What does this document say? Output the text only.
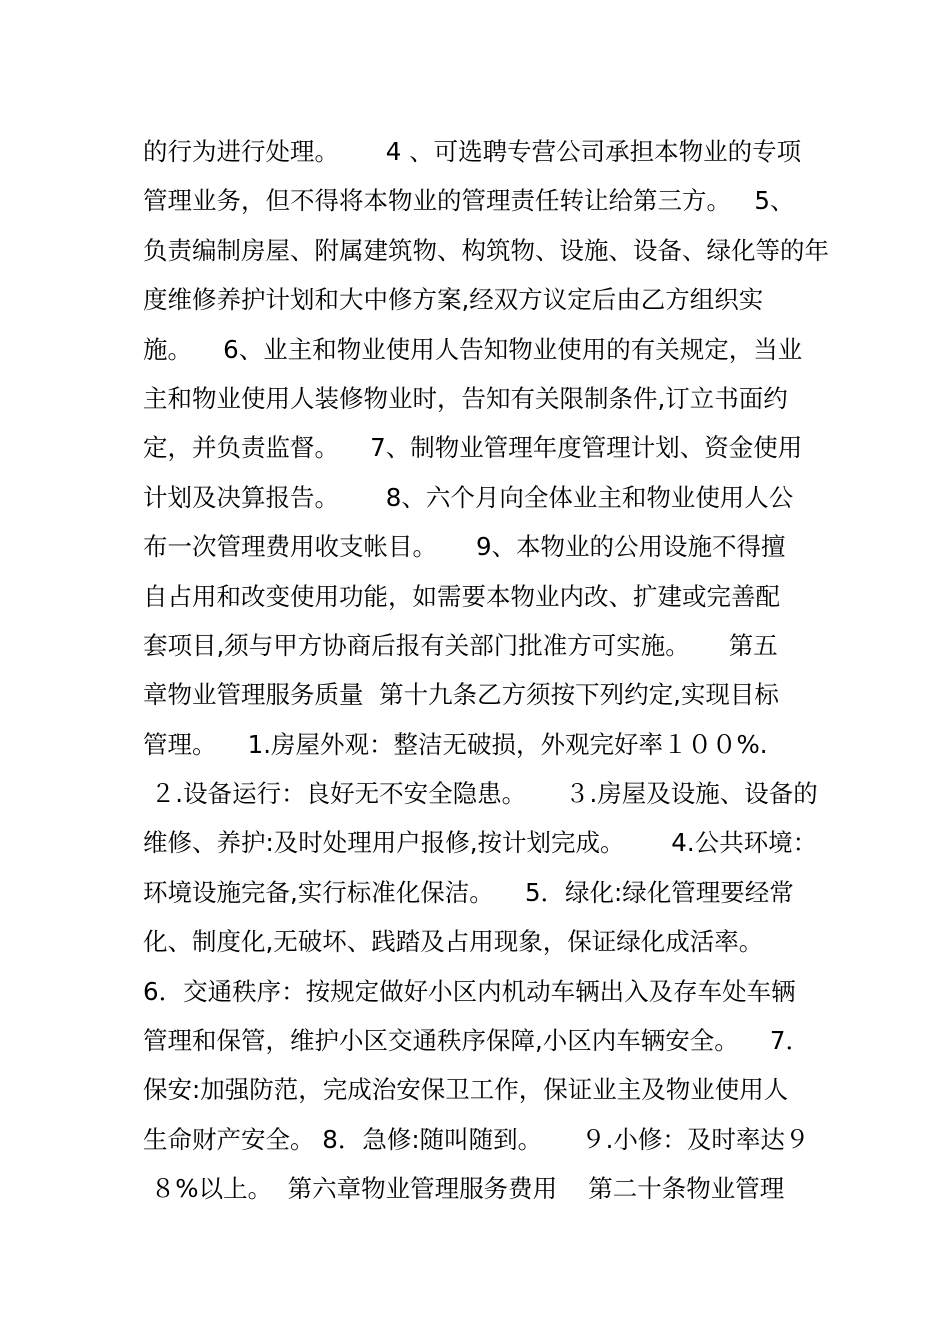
的行为进行处理。      4 、可选聘专营公司承担本物业的专项
管理业务，但不得将本物业的管理责任转让给第三方。   5、
负责编制房屋、附属建筑物、构筑物、设施、设备、绿化等的年
度维修养护计划和大中修方案,经双方议定后由乙方组织实
施。    6、业主和物业使用人告知物业使用的有关规定，当业
主和物业使用人装修物业时，告知有关限制条件,订立书面约
定，并负责监督。    7、制物业管理年度管理计划、资金使用
计划及决算报告。      8、六个月向全体业主和物业使用人公
布一次管理费用收支帐目。     9、本物业的公用设施不得擅
自占用和改变使用功能，如需要本物业内改、扩建或完善配
套项目,须与甲方协商后报有关部门批准方可实施。     第五
章物业管理服务质量  第十九条乙方须按下列约定,实现目标
管理。    1.房屋外观：整洁无破损，外观完好率１００%.
２.设备运行：良好无不安全隐患。     ３.房屋及设施、设备的
维修、养护:及时处理用户报修,按计划完成。      4.公共环境：
环境设施完备,实行标准化保洁。    5．绿化:绿化管理要经常
化、制度化,无破坏、践踏及占用现象，保证绿化成活率。
6．交通秩序：按规定做好小区内机动车辆出入及存车处车辆
管理和保管，维护小区交通秩序保障,小区内车辆安全。    7．
保安:加强防范，完成治安保卫工作，保证业主及物业使用人
生命财产安全。 8．急修:随叫随到。     ９.小修：及时率达９
８%以上。  第六章物业管理服务费用    第二十条物业管理
